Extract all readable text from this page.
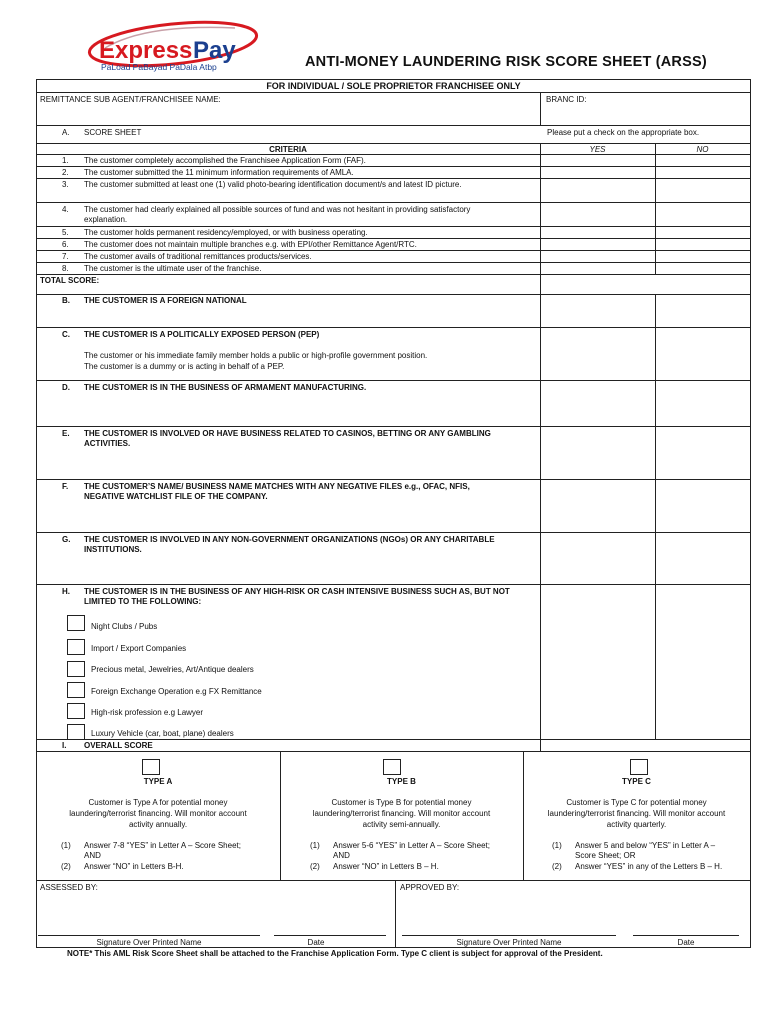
Express Pay
PaLoad PaBayad PaDala Atbp	ANTI-MONEY LAUNDERING RISK SCORE SHEET (ARSS)
FOR INDIVIDUAL / SOLE PROPRIETOR FRANCHISEE ONLY
REMITTANCE SUB AGENT/FRANCHISEE NAME:	BRANC ID:
A. SCORE SHEET	Please put a check on the appropriate box.
CRITERIA	YES	NO
1. The customer completely accomplished the Franchisee Application Form (FAF).
2. The customer submitted the 11 minimum information requirements of AMLA.
3. The customer submitted at least one (1) valid photo-bearing identification document/s and latest ID picture.
4. The customer had clearly explained all possible sources of fund and was not hesitant in providing satisfactory
explanation.
5. The customer holds permanent residency/employed, or with business operating.
6. The customer does not maintain multiple branches e.g. with EPI/other Remittance Agent/RTC.
7. The customer avails of traditional remittances products/services.
8. The customer is the ultimate user of the franchise.
TOTAL SCORE:
B. THE CUSTOMER IS A FOREIGN NATIONAL
C. THE CUSTOMER IS A POLITICALLY EXPOSED PERSON (PEP)
The customer or his immediate family member holds a public or high-profile government position.
The customer is a dummy or is acting in behalf of a PEP.
D. THE CUSTOMER IS IN THE BUSINESS OF ARMAMENT MANUFACTURING.
E. THE CUSTOMER IS INVOLVED OR HAVE BUSINESS RELATED TO CASINOS, BETTING OR ANY GAMBLING
ACTIVITIES.
F. THE CUSTOMER’S NAME/ BUSINESS NAME MATCHES WITH ANY NEGATIVE FILES e.g., OFAC, NFIS,
NEGATIVE WATCHLIST FILE OF THE COMPANY.
G. THE CUSTOMER IS INVOLVED IN ANY NON-GOVERNMENT ORGANIZATIONS (NGOs) OR ANY CHARITABLE
INSTITUTIONS.
H. THE CUSTOMER IS IN THE BUSINESS OF ANY HIGH-RISK OR CASH INTENSIVE BUSINESS SUCH AS, BUT NOT
LIMITED TO THE FOLLOWING:
Night Clubs / Pubs
Import / Export Companies
Precious metal, Jewelries, Art/Antique dealers
Foreign Exchange Operation e.g FX Remittance
High-risk profession e.g Lawyer
Luxury Vehicle (car, boat, plane) dealers
I. OVERALL SCORE
TYPE A
Customer is Type A for potential money
laundering/terrorist financing. Will monitor account
activity annually.
(1) Answer 7-8 “YES” in Letter A – Score Sheet;
AND
(2) Answer “NO” in Letters B-H.
TYPE B
Customer is Type B for potential money
laundering/terrorist financing. Will monitor account
activity semi-annually.
(1) Answer 5-6 “YES” in Letter A – Score Sheet;
AND
(2) Answer “NO” in Letters B – H.
TYPE C
Customer is Type C for potential money
laundering/terrorist financing. Will monitor account
activity quarterly.
(1) Answer 5 and below “YES” in Letter A –
Score Sheet; OR
(2) Answer “YES” in any of the Letters B – H.
ASSESSED BY:	APPROVED BY:
Signature Over Printed Name	Date	Signature Over Printed Name	Date
NOTE* This AML Risk Score Sheet shall be attached to the Franchise Application Form. Type C client is subject for approval of the President.
